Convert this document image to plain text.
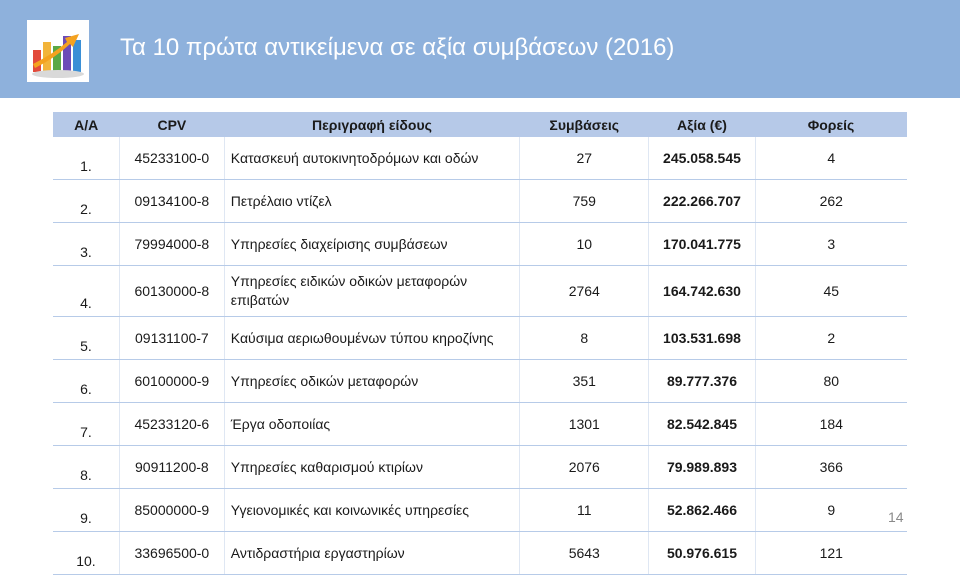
Τα 10 πρώτα αντικείμενα σε αξία συμβάσεων (2016)
Α/Α	CPV	Περιγραφή είδους	Συμβάσεις	Αξία (€)	Φορείς
1.	45233100-0	Κατασκευή αυτοκινητοδρόμων και οδών	27	245.058.545	4
2.	09134100-8	Πετρέλαιο ντίζελ	759	222.266.707	262
3.	79994000-8	Υπηρεσίες διαχείρισης συμβάσεων	10	170.041.775	3
4.	60130000-8	Υπηρεσίες ειδικών οδικών μεταφορών επιβατών	2764	164.742.630	45
5.	09131100-7	Καύσιμα αεριωθουμένων τύπου κηροζίνης	8	103.531.698	2
6.	60100000-9	Υπηρεσίες οδικών μεταφορών	351	89.777.376	80
7.	45233120-6	Έργα οδοποιίας	1301	82.542.845	184
8.	90911200-8	Υπηρεσίες καθαρισμού κτιρίων	2076	79.989.893	366
9.	85000000-9	Υγειονομικές και κοινωνικές υπηρεσίες	11	52.862.466	9
10.	33696500-0	Αντιδραστήρια εργαστηρίων	5643	50.976.615	121
14
